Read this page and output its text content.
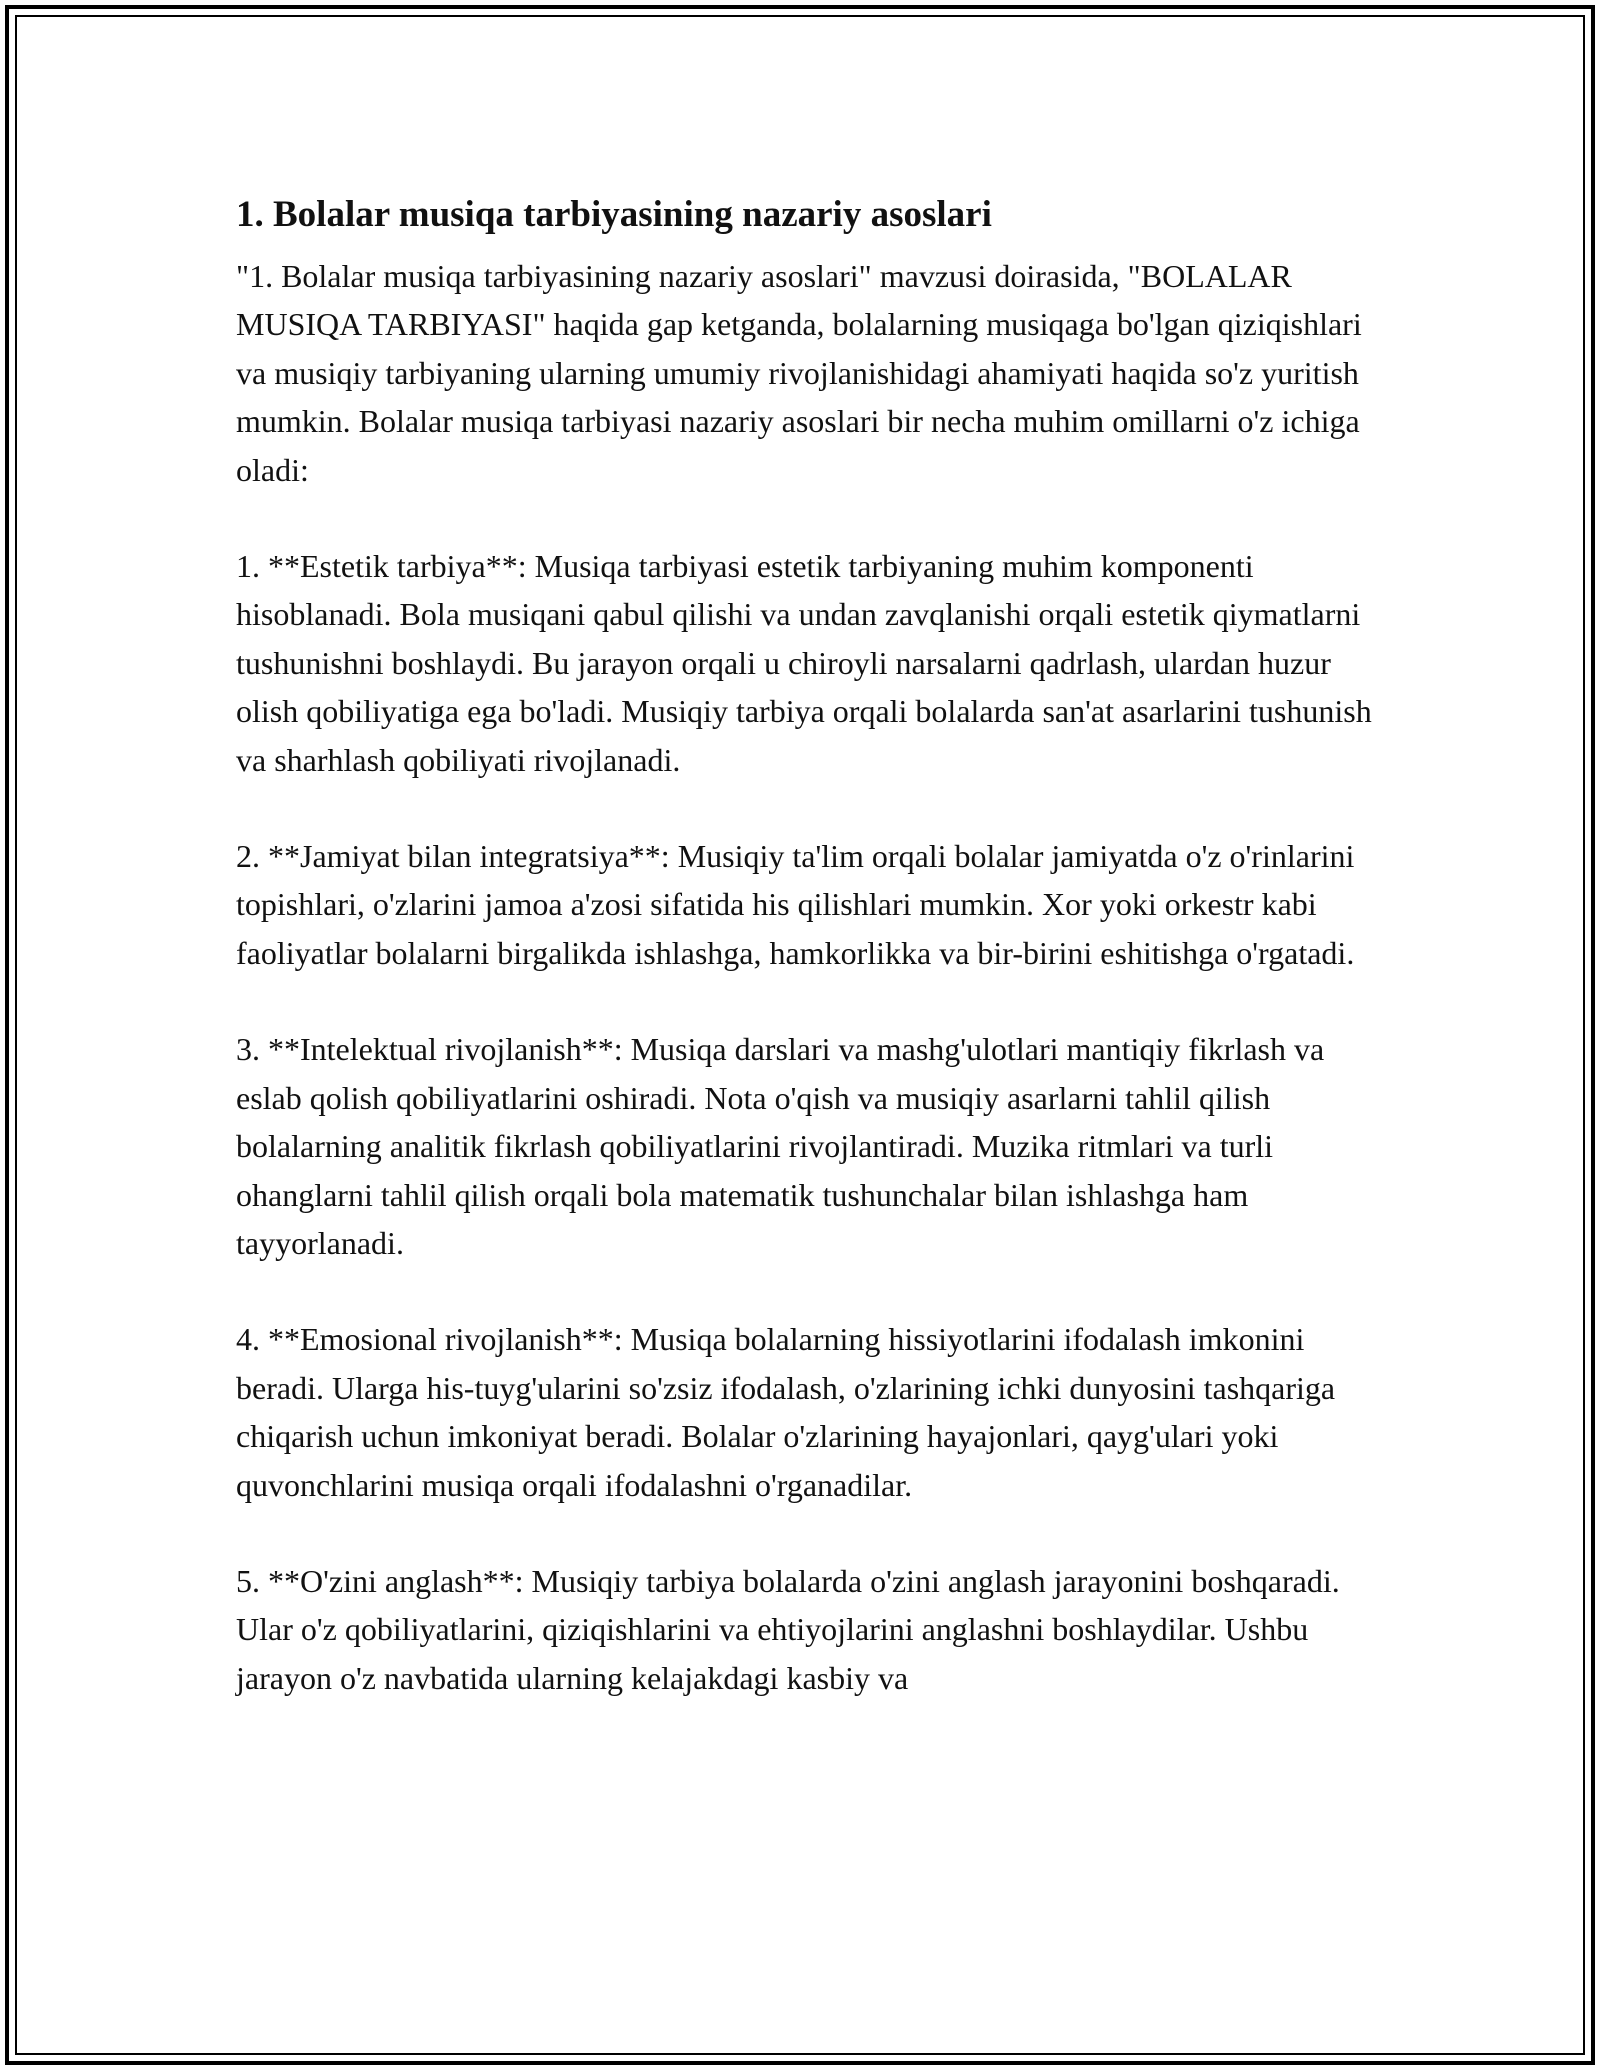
1. Bolalar musiqa tarbiyasining nazariy asoslari

"1. Bolalar musiqa tarbiyasining nazariy asoslari" mavzusi doirasida, "BOLALAR MUSIQA TARBIYASI" haqida gap ketganda, bolalarning musiqaga bo'lgan qiziqishlari va musiqiy tarbiyaning ularning umumiy rivojlanishidagi ahamiyati haqida so'z yuritish mumkin. Bolalar musiqa tarbiyasi nazariy asoslari bir necha muhim omillarni o'z ichiga oladi:

1. **Estetik tarbiya**: Musiqa tarbiyasi estetik tarbiyaning muhim komponenti hisoblanadi. Bola musiqani qabul qilishi va undan zavqlanishi orqali estetik qiymatlarni tushunishni boshlaydi. Bu jarayon orqali u chiroyli narsalarni qadrlash, ulardan huzur olish qobiliyatiga ega bo'ladi. Musiqiy tarbiya orqali bolalarda san'at asarlarini tushunish va sharhlash qobiliyati rivojlanadi.

2. **Jamiyat bilan integratsiya**: Musiqiy ta'lim orqali bolalar jamiyatda o'z o'rinlarini topishlari, o'zlarini jamoa a'zosi sifatida his qilishlari mumkin. Xor yoki orkestr kabi faoliyatlar bolalarni birgalikda ishlashga, hamkorlikka va bir-birini eshitishga o'rgatadi.

3. **Intelektual rivojlanish**: Musiqa darslari va mashg'ulotlari mantiqiy fikrlash va eslab qolish qobiliyatlarini oshiradi. Nota o'qish va musiqiy asarlarni tahlil qilish bolalarning analitik fikrlash qobiliyatlarini rivojlantiradi. Muzika ritmlari va turli ohanglarni tahlil qilish orqali bola matematik tushunchalar bilan ishlashga ham tayyorlanadi.

4. **Emosional rivojlanish**: Musiqa bolalarning hissiyotlarini ifodalash imkonini beradi. Ularga his-tuyg'ularini so'zsiz ifodalash, o'zlarining ichki dunyosini tashqariga chiqarish uchun imkoniyat beradi. Bolalar o'zlarining hayajonlari, qayg'ulari yoki quvonchlarini musiqa orqali ifodalashni o'rganadilar.

5. **O'zini anglash**: Musiqiy tarbiya bolalarda o'zini anglash jarayonini boshqaradi. Ular o'z qobiliyatlarini, qiziqishlarini va ehtiyojlarini anglashni boshlaydilar. Ushbu jarayon o'z navbatida ularning kelajakdagi kasbiy va
